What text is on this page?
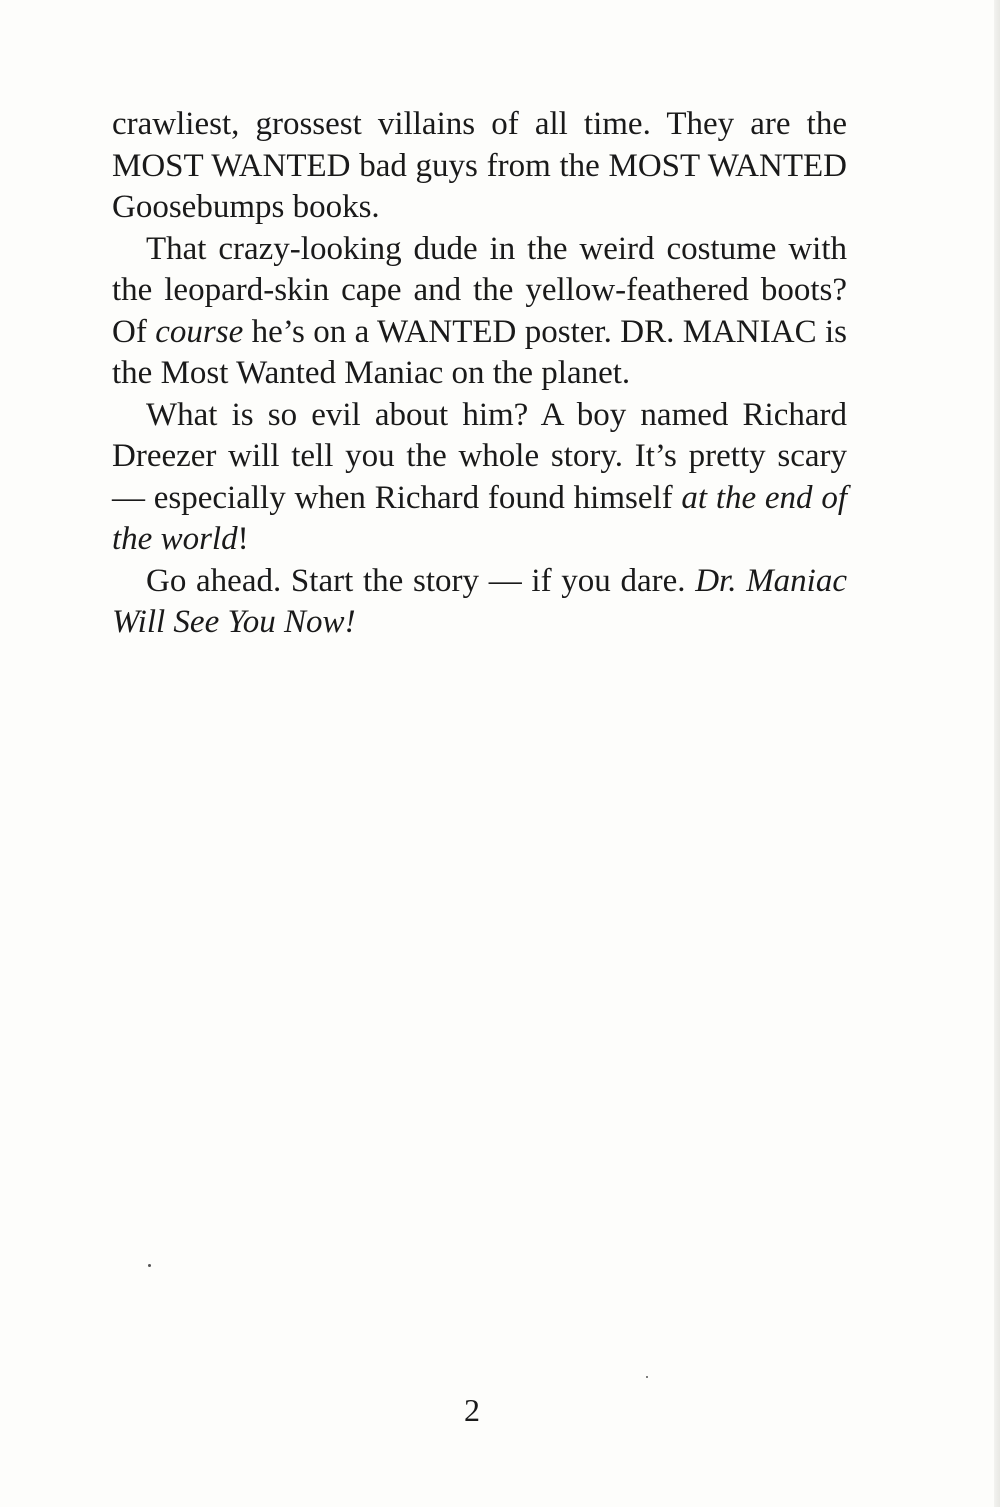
crawliest, grossest villains of all time. They are the MOST WANTED bad guys from the MOST WANTED Goosebumps books.

That crazy-looking dude in the weird costume with the leopard-skin cape and the yellow-feathered boots? Of course he’s on a WANTED poster. DR. MANIAC is the Most Wanted Maniac on the planet.

What is so evil about him? A boy named Richard Dreezer will tell you the whole story. It’s pretty scary — especially when Richard found himself at the end of the world!

Go ahead. Start the story — if you dare. Dr. Maniac Will See You Now!

2
